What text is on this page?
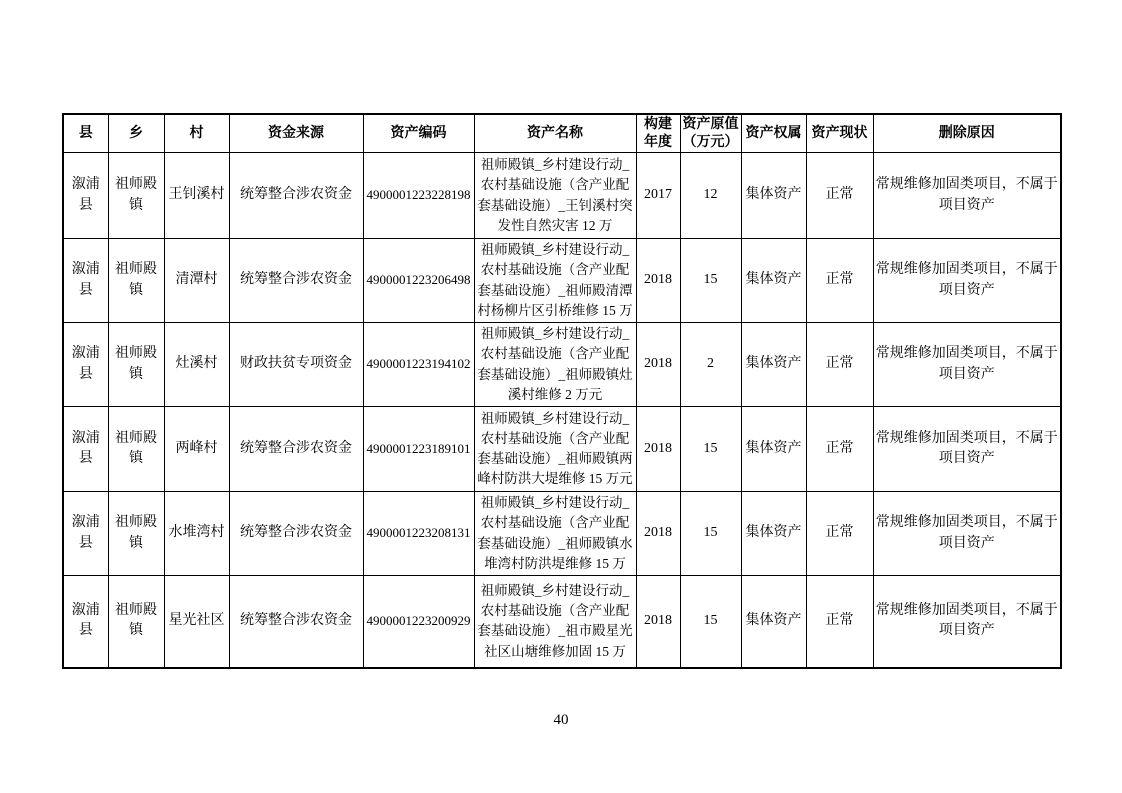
县	乡	村	资金来源	资产编码	资产名称	构建年度	资产原值（万元）	资产权属	资产现状	删除原因
溆浦县	祖师殿镇	王钊溪村	统筹整合涉农资金	4900001223228198	祖师殿镇_乡村建设行动_农村基础设施（含产业配套基础设施）_王钊溪村突发性自然灾害 12 万	2017	12	集体资产	正常	常规维修加固类项目，不属于项目资产
溆浦县	祖师殿镇	清潭村	统筹整合涉农资金	4900001223206498	祖师殿镇_乡村建设行动_农村基础设施（含产业配套基础设施）_祖师殿清潭村杨柳片区引桥维修 15 万	2018	15	集体资产	正常	常规维修加固类项目，不属于项目资产
溆浦县	祖师殿镇	灶溪村	财政扶贫专项资金	4900001223194102	祖师殿镇_乡村建设行动_农村基础设施（含产业配套基础设施）_祖师殿镇灶溪村维修 2 万元	2018	2	集体资产	正常	常规维修加固类项目，不属于项目资产
溆浦县	祖师殿镇	两峰村	统筹整合涉农资金	4900001223189101	祖师殿镇_乡村建设行动_农村基础设施（含产业配套基础设施）_祖师殿镇两峰村防洪大堤维修 15 万元	2018	15	集体资产	正常	常规维修加固类项目，不属于项目资产
溆浦县	祖师殿镇	水堆湾村	统筹整合涉农资金	4900001223208131	祖师殿镇_乡村建设行动_农村基础设施（含产业配套基础设施）_祖师殿镇水堆湾村防洪堤维修 15 万	2018	15	集体资产	正常	常规维修加固类项目，不属于项目资产
溆浦县	祖师殿镇	星光社区	统筹整合涉农资金	4900001223200929	祖师殿镇_乡村建设行动_农村基础设施（含产业配套基础设施）_祖市殿星光社区山塘维修加固 15 万	2018	15	集体资产	正常	常规维修加固类项目，不属于项目资产
40
